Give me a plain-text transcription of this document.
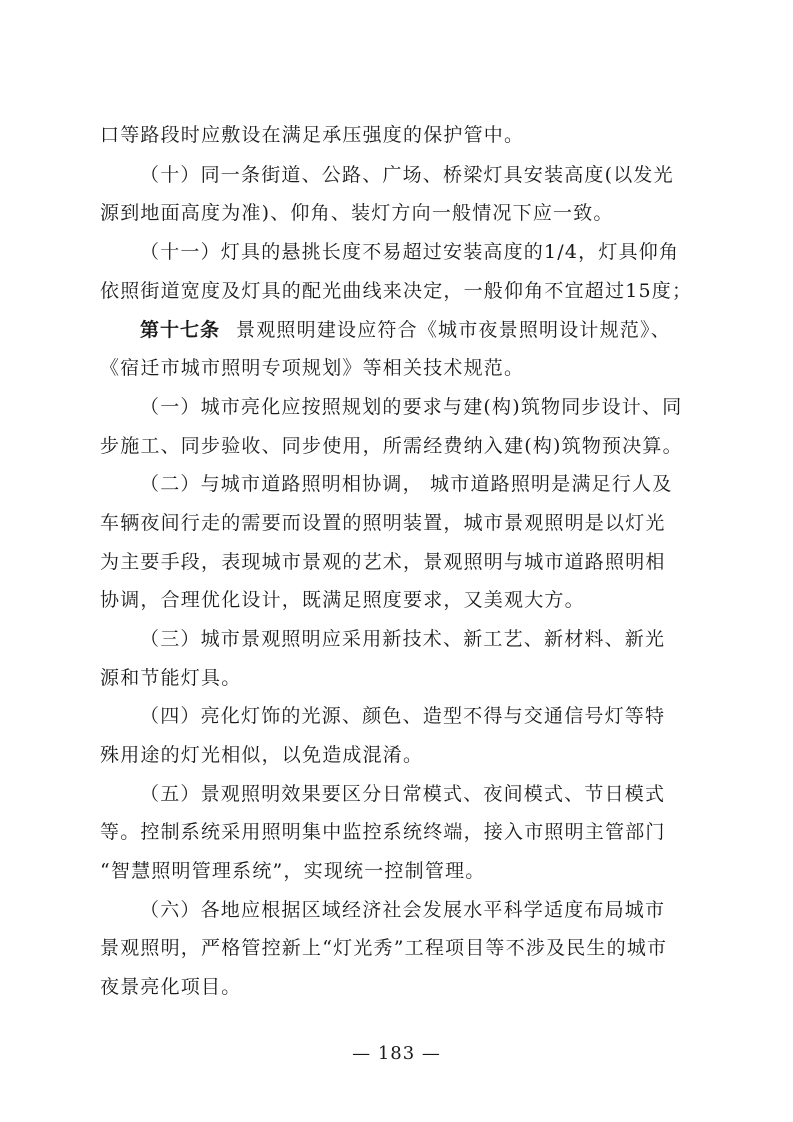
口等路段时应敷设在满足承压强度的保护管中。
（十）同一条街道、公路、广场、桥梁灯具安装高度(以发光
源到地面高度为准)、仰角、装灯方向一般情况下应一致。
（十一）灯具的悬挑长度不易超过安装高度的1/4，灯具仰角
依照街道宽度及灯具的配光曲线来决定，一般仰角不宜超过15度；
第十七条 景观照明建设应符合《城市夜景照明设计规范》、
《宿迁市城市照明专项规划》等相关技术规范。
（一）城市亮化应按照规划的要求与建(构)筑物同步设计、同
步施工、同步验收、同步使用，所需经费纳入建(构)筑物预决算。
（二）与城市道路照明相协调， 城市道路照明是满足行人及
车辆夜间行走的需要而设置的照明装置，城市景观照明是以灯光
为主要手段，表现城市景观的艺术，景观照明与城市道路照明相
协调，合理优化设计，既满足照度要求，又美观大方。
（三）城市景观照明应采用新技术、新工艺、新材料、新光
源和节能灯具。
（四）亮化灯饰的光源、颜色、造型不得与交通信号灯等特
殊用途的灯光相似，以免造成混淆。
（五）景观照明效果要区分日常模式、夜间模式、节日模式
等。控制系统采用照明集中监控系统终端，接入市照明主管部门
“智慧照明管理系统”，实现统一控制管理。
（六）各地应根据区域经济社会发展水平科学适度布局城市
景观照明，严格管控新上“灯光秀”工程项目等不涉及民生的城市
夜景亮化项目。
— 183 —
